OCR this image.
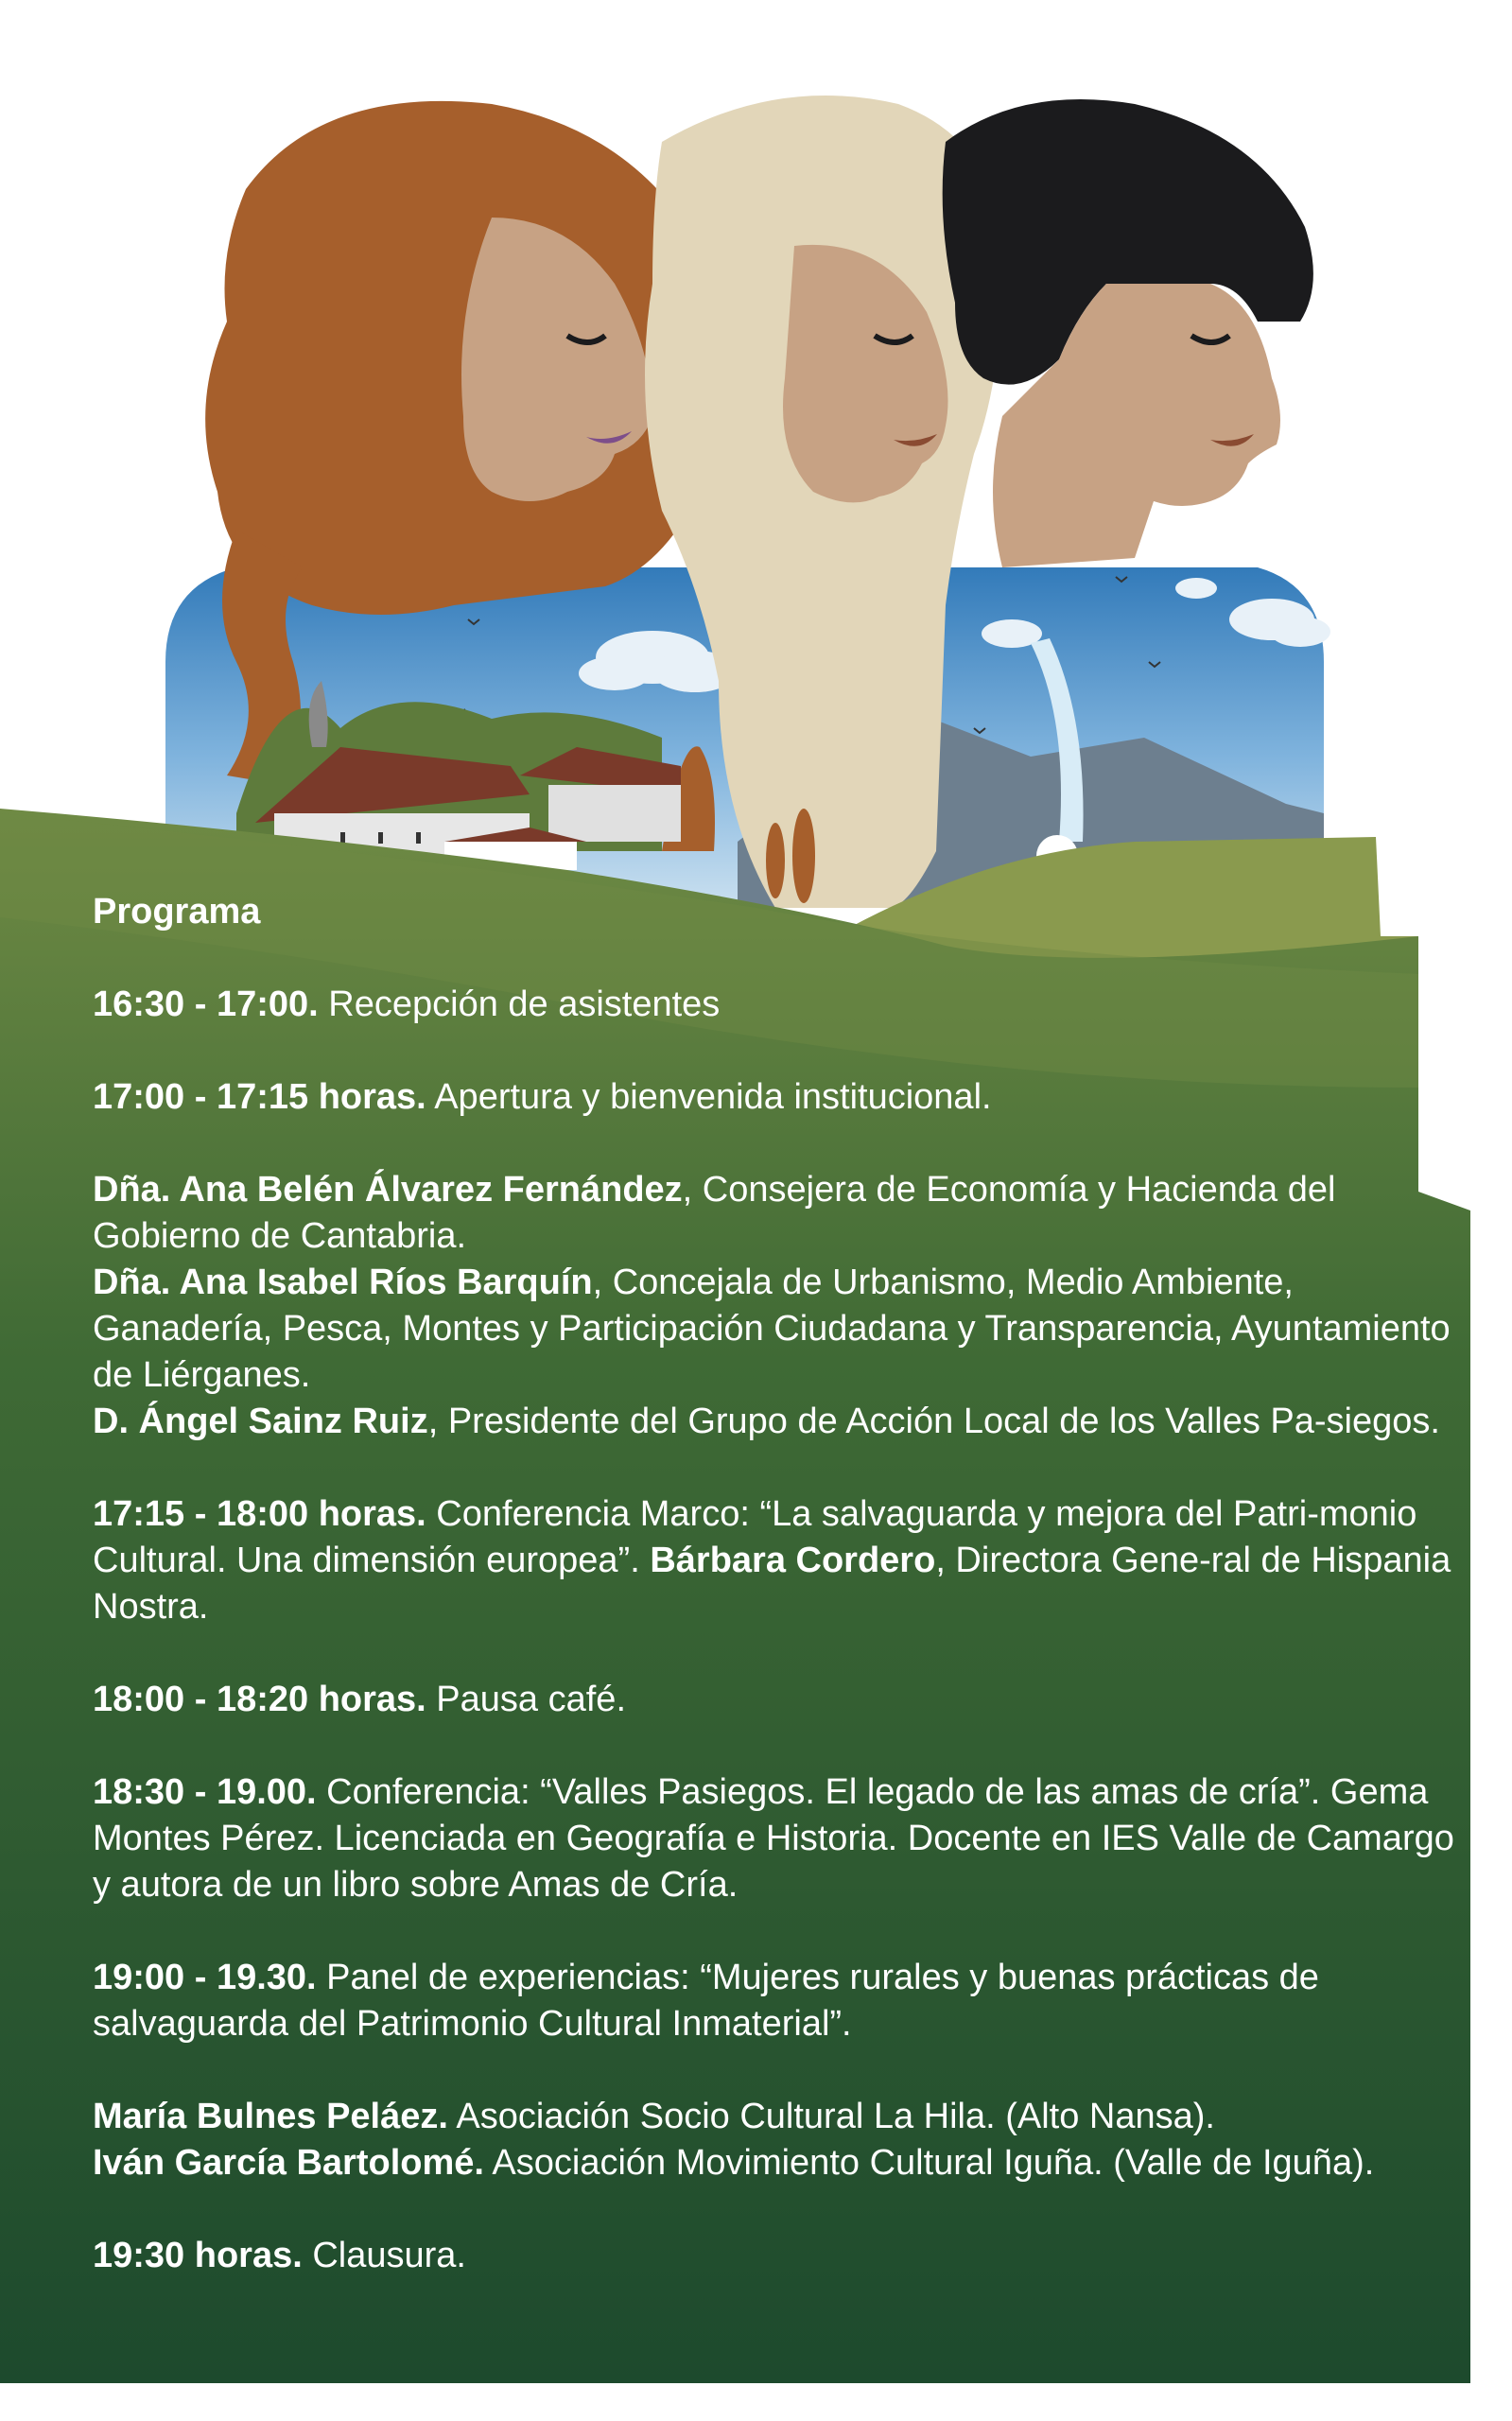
Programa

16:30 - 17:00. Recepción de asistentes

17:00 - 17:15 horas. Apertura y bienvenida institucional.

Dña. Ana Belén Álvarez Fernández, Consejera de Economía y Hacienda del Gobierno de Cantabria.

Dña. Ana Isabel Ríos Barquín, Concejala de Urbanismo, Medio Ambiente, Ganadería, Pesca, Montes y Participación Ciudadana y Transparencia, Ayuntamiento de Liérganes.

D. Ángel Sainz Ruiz, Presidente del Grupo de Acción Local de los Valles Pa-siegos.

17:15 - 18:00 horas. Conferencia Marco: “La salvaguarda y mejora del Patri-monio Cultural. Una dimensión europea”. Bárbara Cordero, Directora Gene-ral de Hispania Nostra.

18:00 - 18:20 horas. Pausa café.

18:30 - 19.00. Conferencia: “Valles Pasiegos. El legado de las amas de cría”. Gema Montes Pérez. Licenciada en Geografía e Historia. Docente en IES Valle de Camargo y autora de un libro sobre Amas de Cría.

19:00 - 19.30. Panel de experiencias: “Mujeres rurales y buenas prácticas de salvaguarda del Patrimonio Cultural Inmaterial”.

María Bulnes Peláez. Asociación Socio Cultural La Hila. (Alto Nansa).

Iván García Bartolomé. Asociación Movimiento Cultural Iguña. (Valle de Iguña).

19:30 horas. Clausura.
